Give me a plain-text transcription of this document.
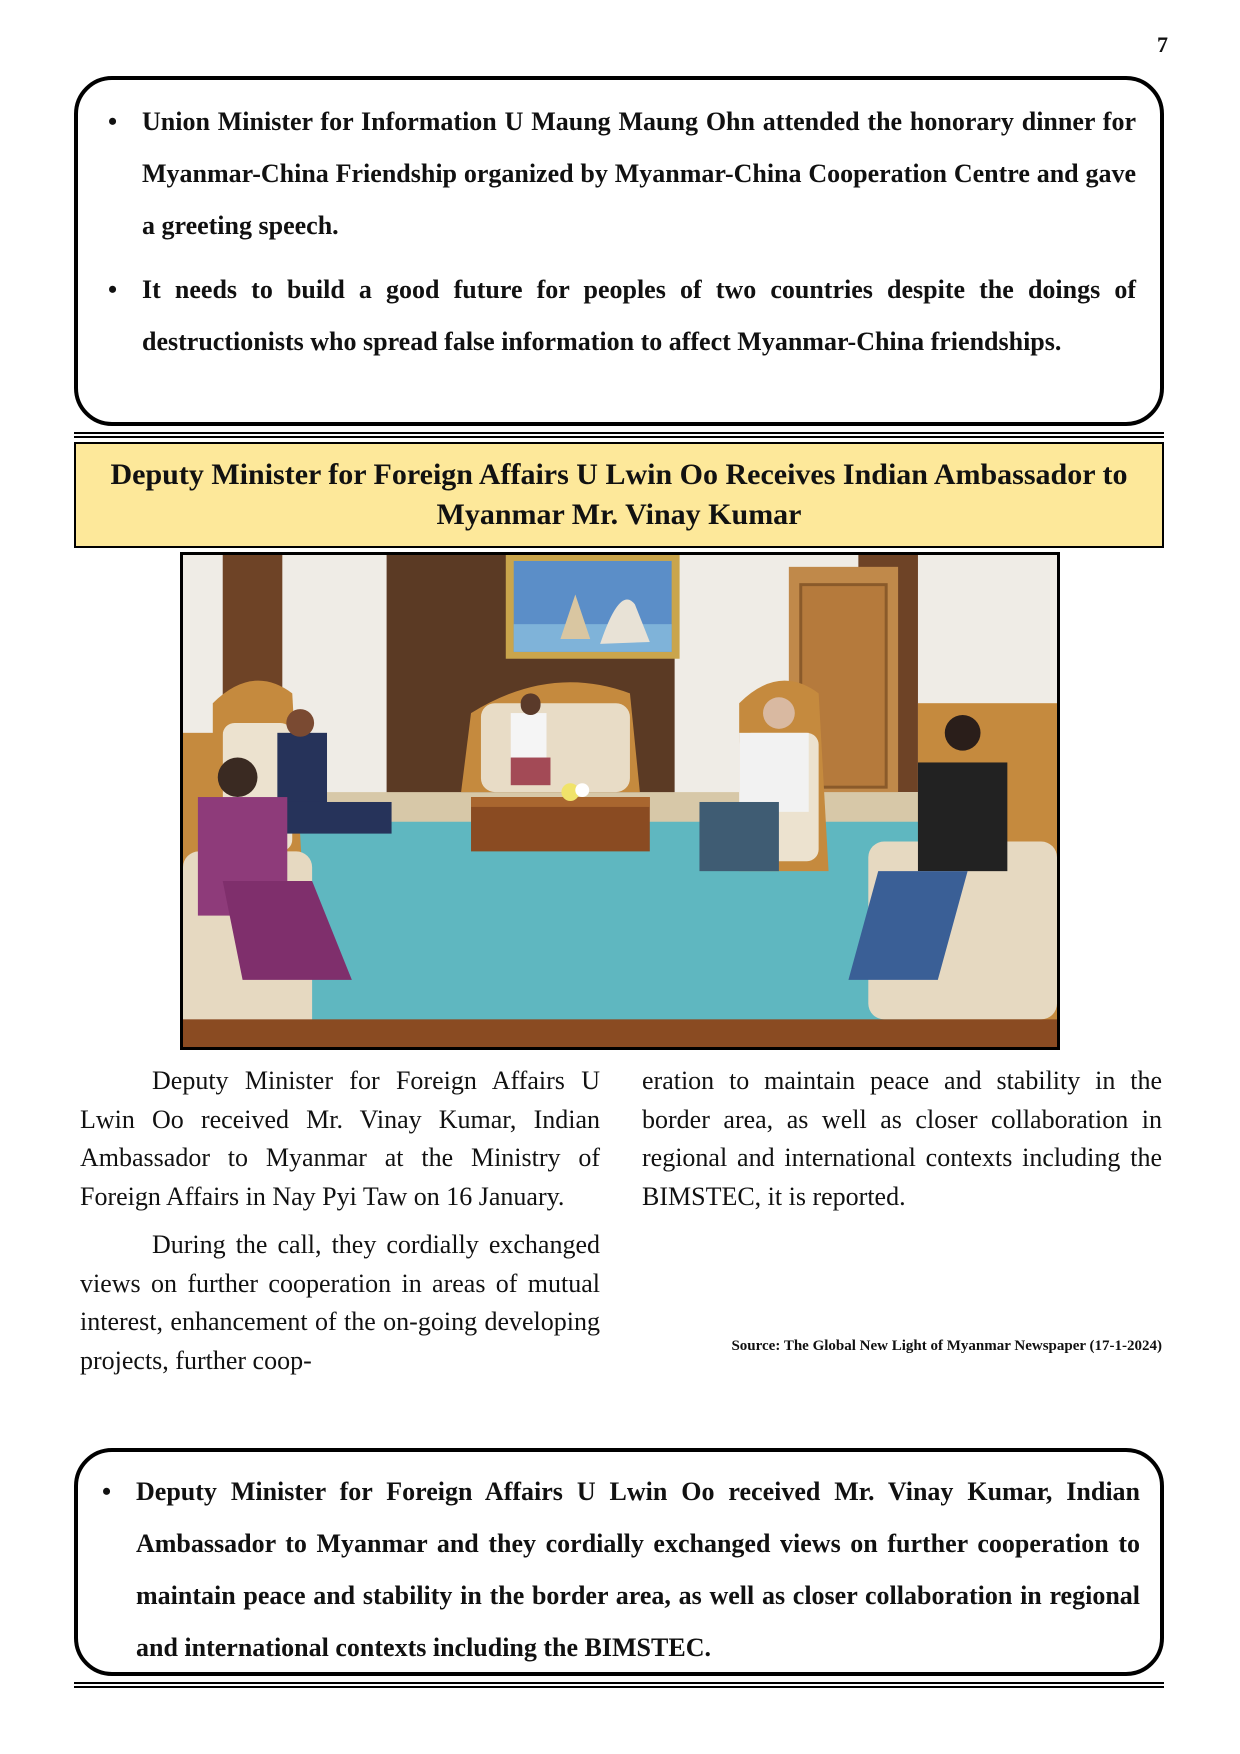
7
• Union Minister for Information U Maung Maung Ohn attended the honorary dinner for Myanmar-China Friendship organized by Myanmar-China Cooperation Centre and gave a greeting speech.
• It needs to build a good future for peoples of two countries despite the doings of destructionists who spread false information to affect Myanmar-China friendships.
Deputy Minister for Foreign Affairs U Lwin Oo Receives Indian Ambassador to Myanmar Mr. Vinay Kumar

Deputy Minister for Foreign Affairs U Lwin Oo received Mr. Vinay Kumar, Indian Ambassador to Myanmar at the Ministry of Foreign Affairs in Nay Pyi Taw on 16 January.

During the call, they cordially exchanged views on further cooperation in areas of mutual interest, enhancement of the on-going developing projects, further coop-

eration to maintain peace and stability in the border area, as well as closer collaboration in regional and international contexts including the BIMSTEC, it is reported.

Source: The Global New Light of Myanmar Newspaper (17-1-2024)
• Deputy Minister for Foreign Affairs U Lwin Oo received Mr. Vinay Kumar, Indian Ambassador to Myanmar and they cordially exchanged views on further cooperation to maintain peace and stability in the border area, as well as closer collaboration in regional and international contexts including the BIMSTEC.
